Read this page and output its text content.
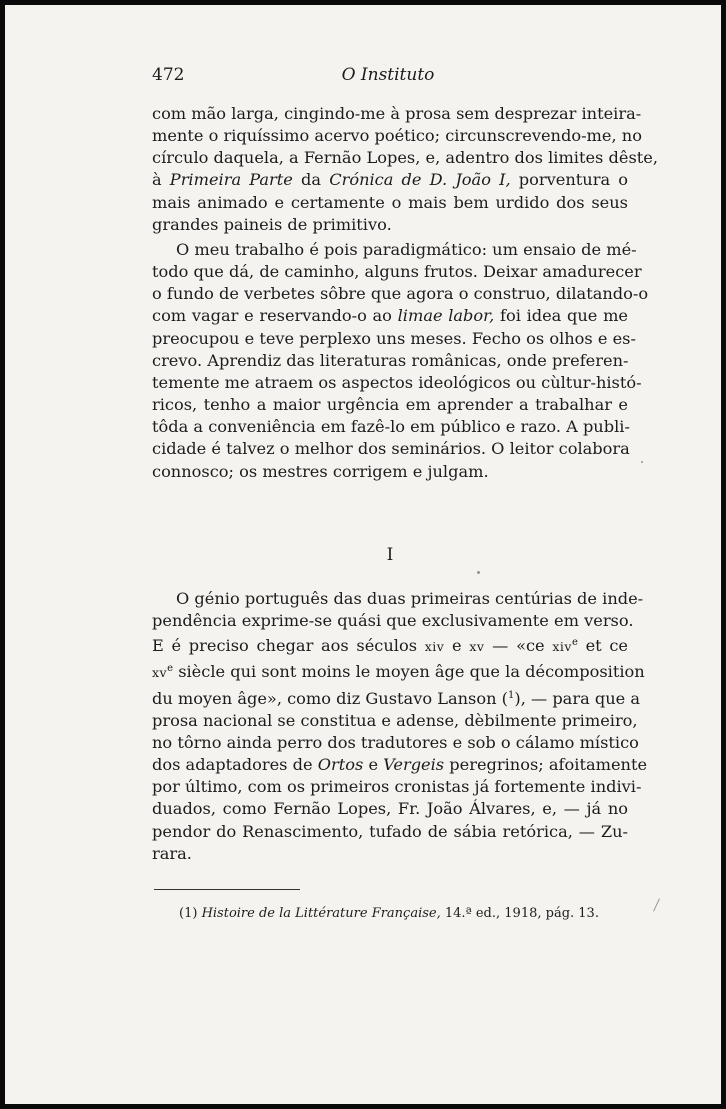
472	O Instituto

com mão larga, cingindo-me à prosa sem desprezar inteira-
mente o riquíssimo acervo poético; circunscrevendo-me, no
círculo daquela, a Fernão Lopes, e, adentro dos limites dêste,
à Primeira Parte da Crónica de D. João I, porventura o
mais animado e certamente o mais bem urdido dos seus
grandes paineis de primitivo.

O meu trabalho é pois paradigmático: um ensaio de mé-
todo que dá, de caminho, alguns frutos. Deixar amadurecer
o fundo de verbetes sôbre que agora o construo, dilatando-o
com vagar e reservando-o ao limae labor, foi idea que me
preocupou e teve perplexo uns meses. Fecho os olhos e es-
crevo. Aprendiz das literaturas românicas, onde preferen-
temente me atraem os aspectos ideológicos ou cùltur-histó-
ricos, tenho a maior urgência em aprender a trabalhar e
tôda a conveniência em fazê-lo em público e razo. A publi-
cidade é talvez o melhor dos seminários. O leitor colabora
connosco; os mestres corrigem e julgam.

I

O génio português das duas primeiras centúrias de inde-
pendência exprime-se quási que exclusivamente em verso.
E é preciso chegar aos séculos xiv e xv — «ce xiv$^e$ et ce
$xv^e$ siècle qui sont moins le moyen âge que la décomposition
du moyen âge», como diz Gustavo Lanson ($^1$), — para que a
prosa nacional se constitua e adense, dèbilmente primeiro,
no tôrno ainda perro dos tradutores e sob o cálamo místico
dos adaptadores de Ortos e Vergeis peregrinos; afoitamente
por último, com os primeiros cronistas já fortemente indivi-
duados, como Fernão Lopes, Fr. João Álvares, e, — já no
pendor do Renascimento, tufado de sábia retórica, — Zu-
rara.

(1) Histoire de la Littérature Française, 14.ª ed., 1918, pág. 13.
